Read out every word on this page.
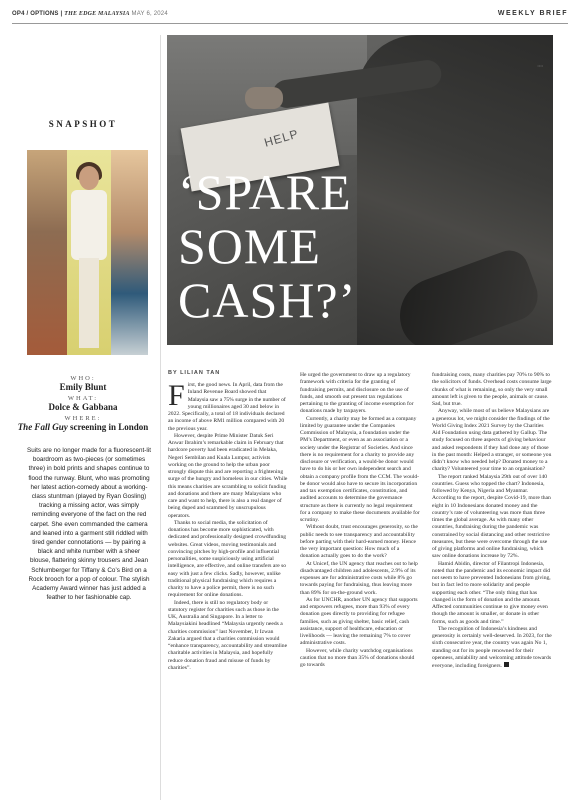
OP4 / OPTIONS | THE EDGE MALAYSIA MAY 6, 2024	WEEKLY BRIEF
HELP
••••
‘SPARE
SOME
CASH?’
SNAPSHOT
WHO:
Emily Blunt
WHAT:
Dolce & Gabbana
WHERE:
The Fall Guy screening in London
Suits are no longer made for a fluorescent-lit boardroom as two-pieces (or sometimes three) in bold prints and shapes continue to flood the runway. Blunt, who was promoting her latest action-comedy about a working-class stuntman (played by Ryan Gosling) tracking a missing actor, was simply reminding everyone of the fact on the red carpet. She even commanded the camera and leaned into a garment still riddled with tired gender connotations — by pairing a black and white number with a sheer blouse, flattering skinny trousers and Jean Schlumberger for Tiffany & Co’s Bird on a Rock brooch for a pop of colour. The stylish Academy Award winner has just added a feather to her fashionable cap.
BY LILIAN TAN

First, the good news. In April, data from the Inland Revenue Board showed that Malaysia saw a 75% surge in the number of young millionaires aged 30 and below in 2022. Specifically, a total of 18 individuals declared an income of above RM1 million compared with 20 the previous year.

However, despite Prime Minister Datuk Seri Anwar Ibrahim’s remarkable claim in February that hardcore poverty had been eradicated in Melaka, Negeri Sembilan and Kuala Lumpur, activists working on the ground to help the urban poor strongly dispute this and are reporting a frightening surge of the hungry and homeless in our cities. While this means charities are scrambling to solicit funding and donations and there are many Malaysians who care and want to help, there is also a real danger of being duped and scammed by unscrupulous operators.

Thanks to social media, the solicitation of donations has become more sophisticated, with dedicated and professionally designed crowdfunding websites. Great videos, moving testimonials and convincing pitches by high-profile and influential personalities, some suspiciously using artificial intelligence, are effective, and online transfers are so easy with just a few clicks. Sadly, however, unlike traditional physical fundraising which requires a charity to have a police permit, there is no such requirement for online donations.

Indeed, there is still no regulatory body or statutory register for charities such as those in the UK, Australia and Singapore. In a letter to Malaysiakini headlined “Malaysia urgently needs a charities commission” last November, Ir Izwan Zakaria argued that a charities commission would “enhance transparency, accountability and streamline charitable activities in Malaysia, and hopefully reduce donation fraud and misuse of funds by charities”.

He urged the government to draw up a regulatory framework with criteria for the granting of fundraising permits, and disclosure on the use of funds, and smooth out present tax regulations pertaining to the granting of income exemption for donations made by taxpayers.

Currently, a charity may be formed as a company limited by guarantee under the Companies Commission of Malaysia, a foundation under the PM’s Department, or even as an association or a society under the Registrar of Societies. And since there is no requirement for a charity to provide any disclosure or verification, a would-be donor would have to do his or her own independent search and obtain a company profile from the CCM. The would-be donor would also have to secure its incorporation and tax exemption certificates, constitution, and audited accounts to determine the governance structure as there is currently no legal requirement for a company to make these documents available for scrutiny.

Without doubt, trust encourages generosity, so the public needs to see transparency and accountability before parting with their hard-earned money. Hence the very important question: How much of a donation actually goes to do the work?

At Unicef, the UN agency that reaches out to help disadvantaged children and adolescents, 2.9% of its expenses are for administrative costs while 8% go towards paying for fundraising, thus leaving more than 89% for on-the-ground work.

As for UNCHR, another UN agency that supports and empowers refugees, more than 93% of every donation goes directly to providing for refugee families, such as giving shelter, basic relief, cash assistance, support of healthcare, education or livelihoods — leaving the remaining 7% to cover administrative costs.

However, while charity watchdog organisations caution that no more than 35% of donations should go towards

fundraising costs, many charities pay 70% to 90% to the solicitors of funds. Overhead costs consume large chunks of what is remaining, so only the very small amount left is given to the people, animals or cause. Sad, but true.

Anyway, while most of us believe Malaysians are a generous lot, we might consider the findings of the World Giving Index 2021 Survey by the Charities Aid Foundation using data gathered by Gallup. The study focused on three aspects of giving behaviour and asked respondents if they had done any of those in the past month: Helped a stranger, or someone you didn’t know who needed help? Donated money to a charity? Volunteered your time to an organisation?

The report ranked Malaysia 29th out of over 140 countries. Guess who topped the chart? Indonesia, followed by Kenya, Nigeria and Myanmar. According to the report, despite Covid-19, more than eight in 10 Indonesians donated money and the country’s rate of volunteering was more than three times the global average. As with many other countries, fundraising during the pandemic was constrained by social distancing and other restrictive measures, but these were overcome through the use of giving platforms and online fundraising, which saw online donations increase by 72%.

Hamid Abidin, director of Filantropi Indonesia, noted that the pandemic and its economic impact did not seem to have prevented Indonesians from giving, but in fact led to more solidarity and people supporting each other. “The only thing that has changed is the form of donation and the amount. Affected communities continue to give money even though the amount is smaller, or donate in other forms, such as goods and time.”

The recognition of Indonesia’s kindness and generosity is certainly well-deserved. In 2023, for the sixth consecutive year, the country was again No 1, standing out for its people renowned for their openness, amiability and welcoming attitude towards everyone, including foreigners.
